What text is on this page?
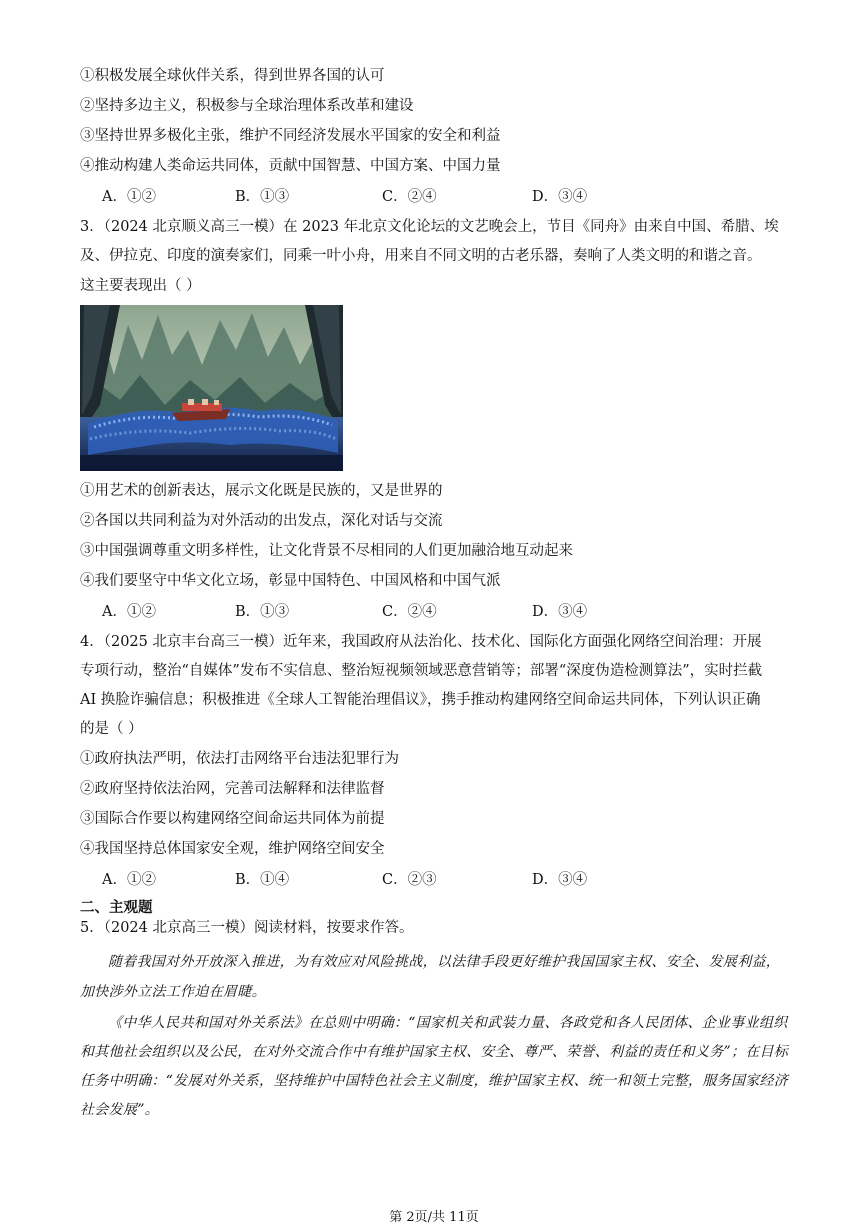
①积极发展全球伙伴关系，得到世界各国的认可
②坚持多边主义，积极参与全球治理体系改革和建设
③坚持世界多极化主张，维护不同经济发展水平国家的安全和利益
④推动构建人类命运共同体，贡献中国智慧、中国方案、中国力量
A．①②	B．①③	C．②④	D．③④
3．（2024 北京顺义高三一模）在 2023 年北京文化论坛的文艺晚会上，节目《同舟》由来自中国、希腊、埃
及、伊拉克、印度的演奏家们，同乘一叶小舟，用来自不同文明的古老乐器，奏响了人类文明的和谐之音。
这主要表现出（ ）
①用艺术的创新表达，展示文化既是民族的，又是世界的
②各国以共同利益为对外活动的出发点，深化对话与交流
③中国强调尊重文明多样性，让文化背景不尽相同的人们更加融洽地互动起来
④我们要坚守中华文化立场，彰显中国特色、中国风格和中国气派
A．①②	B．①③	C．②④	D．③④
4．（2025 北京丰台高三一模）近年来，我国政府从法治化、技术化、国际化方面强化网络空间治理：开展
专项行动，整治“自媒体”发布不实信息、整治短视频领域恶意营销等；部署“深度伪造检测算法”，实时拦截
AI 换脸诈骗信息；积极推进《全球人工智能治理倡议》，携手推动构建网络空间命运共同体，下列认识正确
的是（ ）
①政府执法严明，依法打击网络平台违法犯罪行为
②政府坚持依法治网，完善司法解释和法律监督
③国际合作要以构建网络空间命运共同体为前提
④我国坚持总体国家安全观，维护网络空间安全
A．①②	B．①④	C．②③	D．③④
二、主观题
5．（2024 北京高三一模）阅读材料，按要求作答。
随着我国对外开放深入推进，为有效应对风险挑战，以法律手段更好维护我国国家主权、安全、发展利益，加快涉外立法工作迫在眉睫。
《中华人民共和国对外关系法》在总则中明确：“国家机关和武装力量、各政党和各人民团体、企业事业组织和其他社会组织以及公民，在对外交流合作中有维护国家主权、安全、尊严、荣誉、利益的责任和义务”；在目标任务中明确：“发展对外关系，坚持维护中国特色社会主义制度，维护国家主权、统一和领土完整，服务国家经济社会发展”。
第 2页/共 11页
